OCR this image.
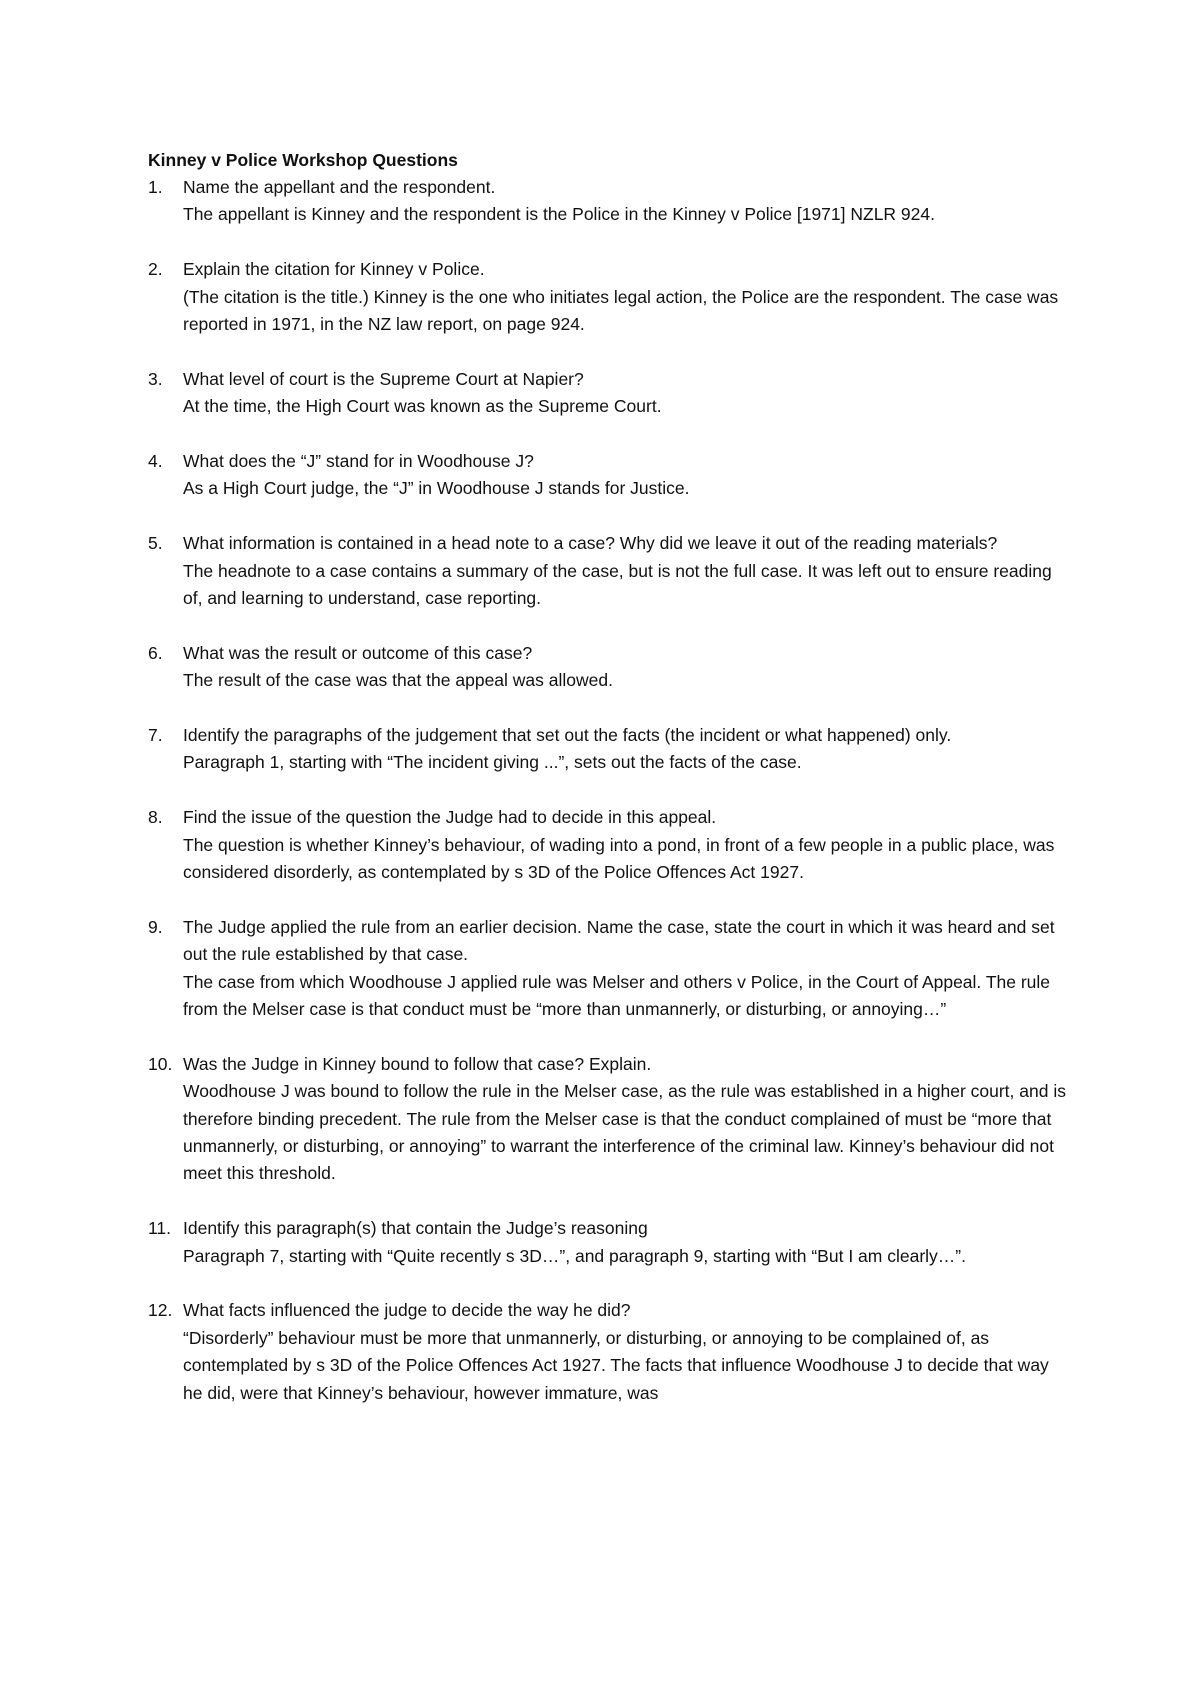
Kinney v Police Workshop Questions
1.	Name the appellant and the respondent.
The appellant is Kinney and the respondent is the Police in the Kinney v Police [1971] NZLR 924.
2.	Explain the citation for Kinney v Police.
(The citation is the title.) Kinney is the one who initiates legal action, the Police are the respondent. The case was reported in 1971, in the NZ law report, on page 924.
3.	What level of court is the Supreme Court at Napier?
At the time, the High Court was known as the Supreme Court.
4.	What does the “J” stand for in Woodhouse J?
As a High Court judge, the “J” in Woodhouse J stands for Justice.
5.	What information is contained in a head note to a case? Why did we leave it out of the reading materials?
The headnote to a case contains a summary of the case, but is not the full case. It was left out to ensure reading of, and learning to understand, case reporting.
6.	What was the result or outcome of this case?
The result of the case was that the appeal was allowed.
7.	Identify the paragraphs of the judgement that set out the facts (the incident or what happened) only.
Paragraph 1, starting with “The incident giving ...”, sets out the facts of the case.
8.	Find the issue of the question the Judge had to decide in this appeal.
The question is whether Kinney’s behaviour, of wading into a pond, in front of a few people in a public place, was considered disorderly, as contemplated by s 3D of the Police Offences Act 1927.
9.	The Judge applied the rule from an earlier decision. Name the case, state the court in which it was heard and set out the rule established by that case.
The case from which Woodhouse J applied rule was Melser and others v Police, in the Court of Appeal. The rule from the Melser case is that conduct must be “more than unmannerly, or disturbing, or annoying…”
10. Was the Judge in Kinney bound to follow that case? Explain.
Woodhouse J was bound to follow the rule in the Melser case, as the rule was established in a higher court, and is therefore binding precedent. The rule from the Melser case is that the conduct complained of must be “more that unmannerly, or disturbing, or annoying” to warrant the interference of the criminal law. Kinney’s behaviour did not meet this threshold.
11. Identify this paragraph(s) that contain the Judge’s reasoning
Paragraph 7, starting with “Quite recently s 3D…”, and paragraph 9, starting with “But I am clearly…”.
12. What facts influenced the judge to decide the way he did?
“Disorderly” behaviour must be more that unmannerly, or disturbing, or annoying to be complained of, as contemplated by s 3D of the Police Offences Act 1927. The facts that influence Woodhouse J to decide that way he did, were that Kinney’s behaviour, however immature, was
